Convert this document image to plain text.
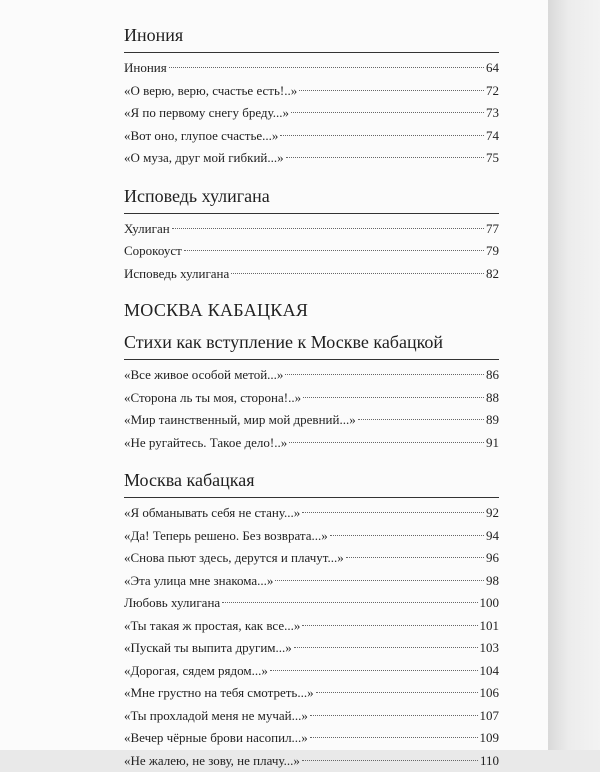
Инония
Инония	64
«О верю, верю, счастье есть!..»	72
«Я по первому снегу бреду...»	73
«Вот оно, глупое счастье...»	74
«О муза, друг мой гибкий...»	75
Исповедь хулигана
Хулиган	77
Сорокоуст	79
Исповедь хулигана	82
МОСКВА КАБАЦКАЯ
Стихи как вступление к Москве кабацкой
«Все живое особой метой...»	86
«Сторона ль ты моя, сторона!..»	88
«Мир таинственный, мир мой древний...»	89
«Не ругайтесь. Такое дело!..»	91
Москва кабацкая
«Я обманывать себя не стану...»	92
«Да! Теперь решено. Без возврата...»	94
«Снова пьют здесь, дерутся и плачут...»	96
«Эта улица мне знакома...»	98
Любовь хулигана	100
«Ты такая ж простая, как все...»	101
«Пускай ты выпита другим...»	103
«Дорогая, сядем рядом...»	104
«Мне грустно на тебя смотреть...»	106
«Ты прохладой меня не мучай...»	107
«Вечер чёрные брови насопил...»	109
«Не жалею, не зову, не плачу...»	110
